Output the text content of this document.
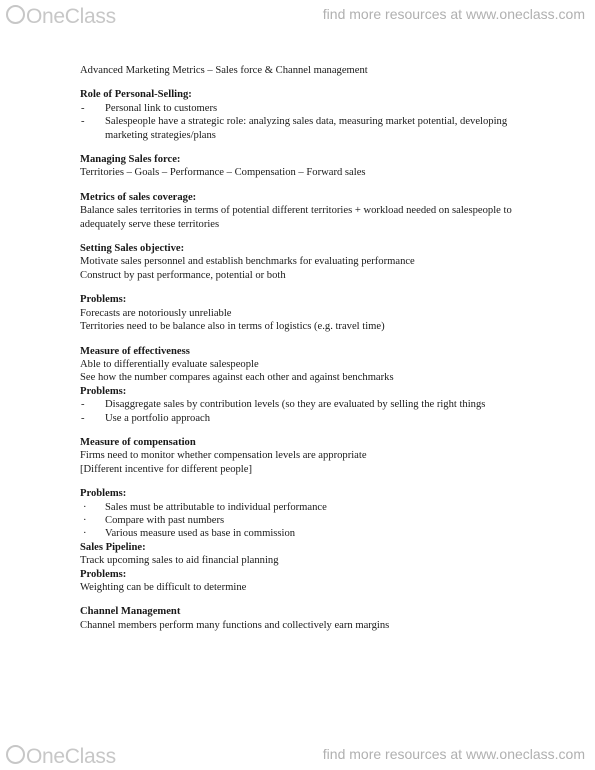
OneClass	find more resources at www.oneclass.com
Advanced Marketing Metrics – Sales force & Channel management
Role of Personal-Selling:
- Personal link to customers
- Salespeople have a strategic role: analyzing sales data, measuring market potential, developing marketing strategies/plans
Managing Sales force:
Territories – Goals – Performance – Compensation – Forward sales
Metrics of sales coverage:
Balance sales territories in terms of potential different territories + workload needed on salespeople to adequately serve these territories
Setting Sales objective:
Motivate sales personnel and establish benchmarks for evaluating performance
Construct by past performance, potential or both
Problems:
Forecasts are notoriously unreliable
Territories need to be balance also in terms of logistics (e.g. travel time)
Measure of effectiveness
Able to differentially evaluate salespeople
See how the number compares against each other and against benchmarks
Problems:
- Disaggregate sales by contribution levels (so they are evaluated by selling the right things
- Use a portfolio approach
Measure of compensation
Firms need to monitor whether compensation levels are appropriate
[Different incentive for different people]
Problems:
· Sales must be attributable to individual performance
· Compare with past numbers
· Various measure used as base in commission
Sales Pipeline:
Track upcoming sales to aid financial planning
Problems:
Weighting can be difficult to determine
Channel Management
Channel members perform many functions and collectively earn margins
OneClass	find more resources at www.oneclass.com
